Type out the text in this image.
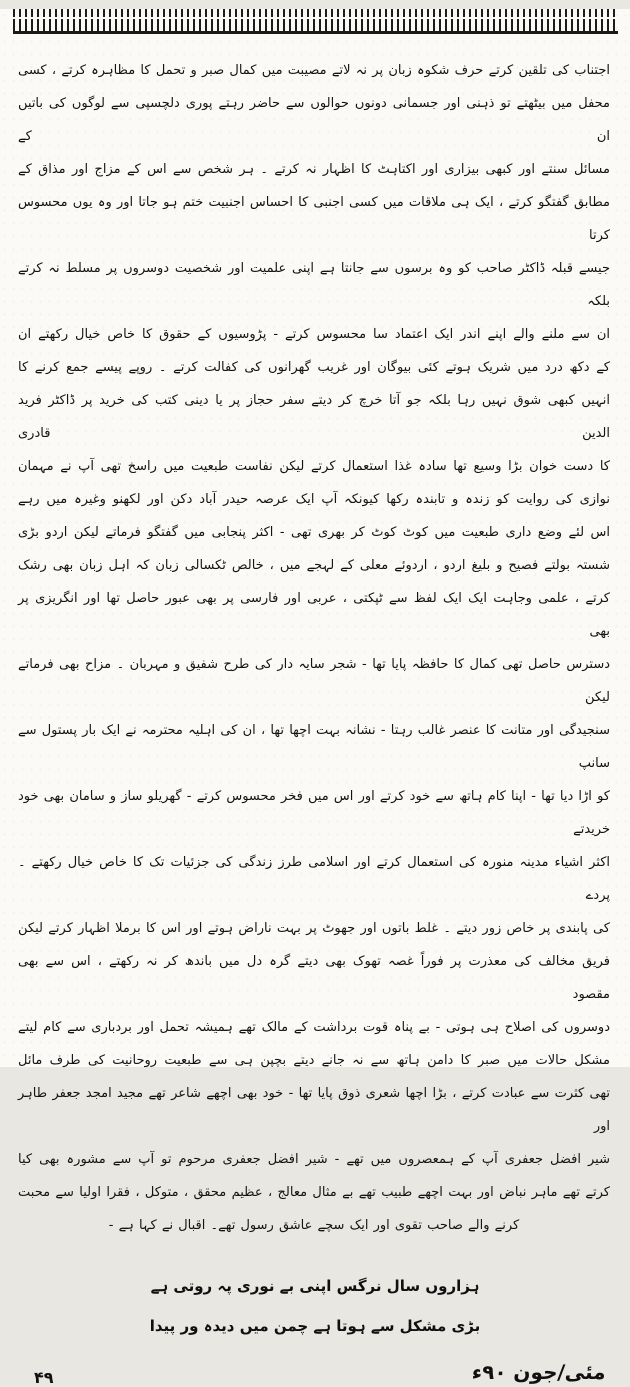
اجتناب کی تلقین کرتے حرف شکوہ زبان پر نہ لاتے مصیبت میں کمال صبر و تحمل کا مظاہرہ کرتے ، کسی
محفل میں بیٹھتے تو ذہنی اور جسمانی دونوں حوالوں سے حاضر رہتے پوری دلچسپی سے لوگوں کی باتیں ان کے
مسائل سنتے اور کبھی بیزاری اور اکتاہٹ کا اظہار نہ کرتے ۔ ہر شخص سے اس کے مزاج اور مذاق کے
مطابق گفتگو کرتے ، ایک ہی ملاقات میں کسی اجنبی کا احساس اجنبیت ختم ہو جاتا اور وہ یوں محسوس کرتا
جیسے قبلہ ڈاکٹر صاحب کو وہ برسوں سے جانتا ہے اپنی علمیت اور شخصیت دوسروں پر مسلط نہ کرتے بلکہ
ان سے ملنے والے اپنے اندر ایک اعتماد سا محسوس کرتے - پڑوسیوں کے حقوق کا خاص خیال رکھتے ان
کے دکھ درد میں شریک ہوتے کئی بیوگان اور غریب گھرانوں کی کفالت کرتے ۔ روپے پیسے جمع کرنے کا
انہیں کبھی شوق نہیں رہا بلکہ جو آتا خرچ کر دیتے سفر حجاز پر یا دینی کتب کی خرید پر ڈاکٹر فرید الدین قادری
کا دست خوان بڑا وسیع تھا سادہ غذا استعمال کرتے لیکن نفاست طبعیت میں راسخ تھی آپ نے مہمان
نوازی کی روایت کو زندہ و تابندہ رکھا کیونکہ آپ ایک عرصہ حیدر آباد دکن اور لکھنو وغیرہ میں رہے
اس لئے وضع داری طبعیت میں کوٹ کوٹ کر بھری تھی - اکثر پنجابی میں گفتگو فرماتے لیکن اردو بڑی
شستہ بولتے فصیح و بلیغ اردو ، اردوئے معلی کے لہجے میں ، خالص ٹکسالی زبان کہ اہل زبان بھی رشک
کرتے ، علمی وجاہت ایک ایک لفظ سے ٹپکتی ، عربی اور فارسی پر بھی عبور حاصل تھا اور انگریزی پر بھی
دسترس حاصل تھی کمال کا حافظہ پایا تھا - شجر سایہ دار کی طرح شفیق و مہربان ۔ مزاح بھی فرماتے لیکن
سنجیدگی اور متانت کا عنصر غالب رہتا - نشانہ بہت اچھا تھا ، ان کی اہلیہ محترمہ نے ایک بار پستول سے سانپ
کو اڑا دیا تھا - اپنا کام ہاتھ سے خود کرتے اور اس میں فخر محسوس کرتے - گھریلو ساز و سامان بھی خود خریدتے
اکثر اشیاء مدینہ منورہ کی استعمال کرتے اور اسلامی طرز زندگی کی جزئیات تک کا خاص خیال رکھتے ۔ پردے
کی پابندی پر خاص زور دیتے ۔ غلط باتوں اور جھوٹ پر بہت ناراض ہوتے اور اس کا برملا اظہار کرتے لیکن
فریق مخالف کی معذرت پر فوراً غصہ تھوک بھی دیتے گرہ دل میں باندھ کر نہ رکھتے ، اس سے بھی مقصود
دوسروں کی اصلاح ہی ہوتی - بے پناہ قوت برداشت کے مالک تھے ہمیشہ تحمل اور بردباری سے کام لیتے
مشکل حالات میں صبر کا دامن ہاتھ سے نہ جانے دیتے بچپن ہی سے طبعیت روحانیت کی طرف مائل
تھی کثرت سے عبادت کرتے ، بڑا اچھا شعری ذوق پایا تھا - خود بھی اچھے شاعر تھے مجید امجد جعفر طاہر اور
شیر افضل جعفری آپ کے ہمعصروں میں تھے - شیر افضل جعفری مرحوم تو آپ سے مشورہ بھی کیا
کرتے تھے ماہر نباض اور بہت اچھے طبیب تھے بے مثال معالج ، عظیم محقق ، متوکل ، فقرا اولیا سے محبت
کرنے والے صاحب تقوی اور ایک سچے عاشق رسول تھے۔ اقبال نے کہا ہے -
ہزاروں سال نرگس اپنی بے نوری پہ روتی ہے
بڑی مشکل سے ہوتا ہے چمن میں دیدہ ور پیدا
مئی/جون ۹۰ء
۴۹
